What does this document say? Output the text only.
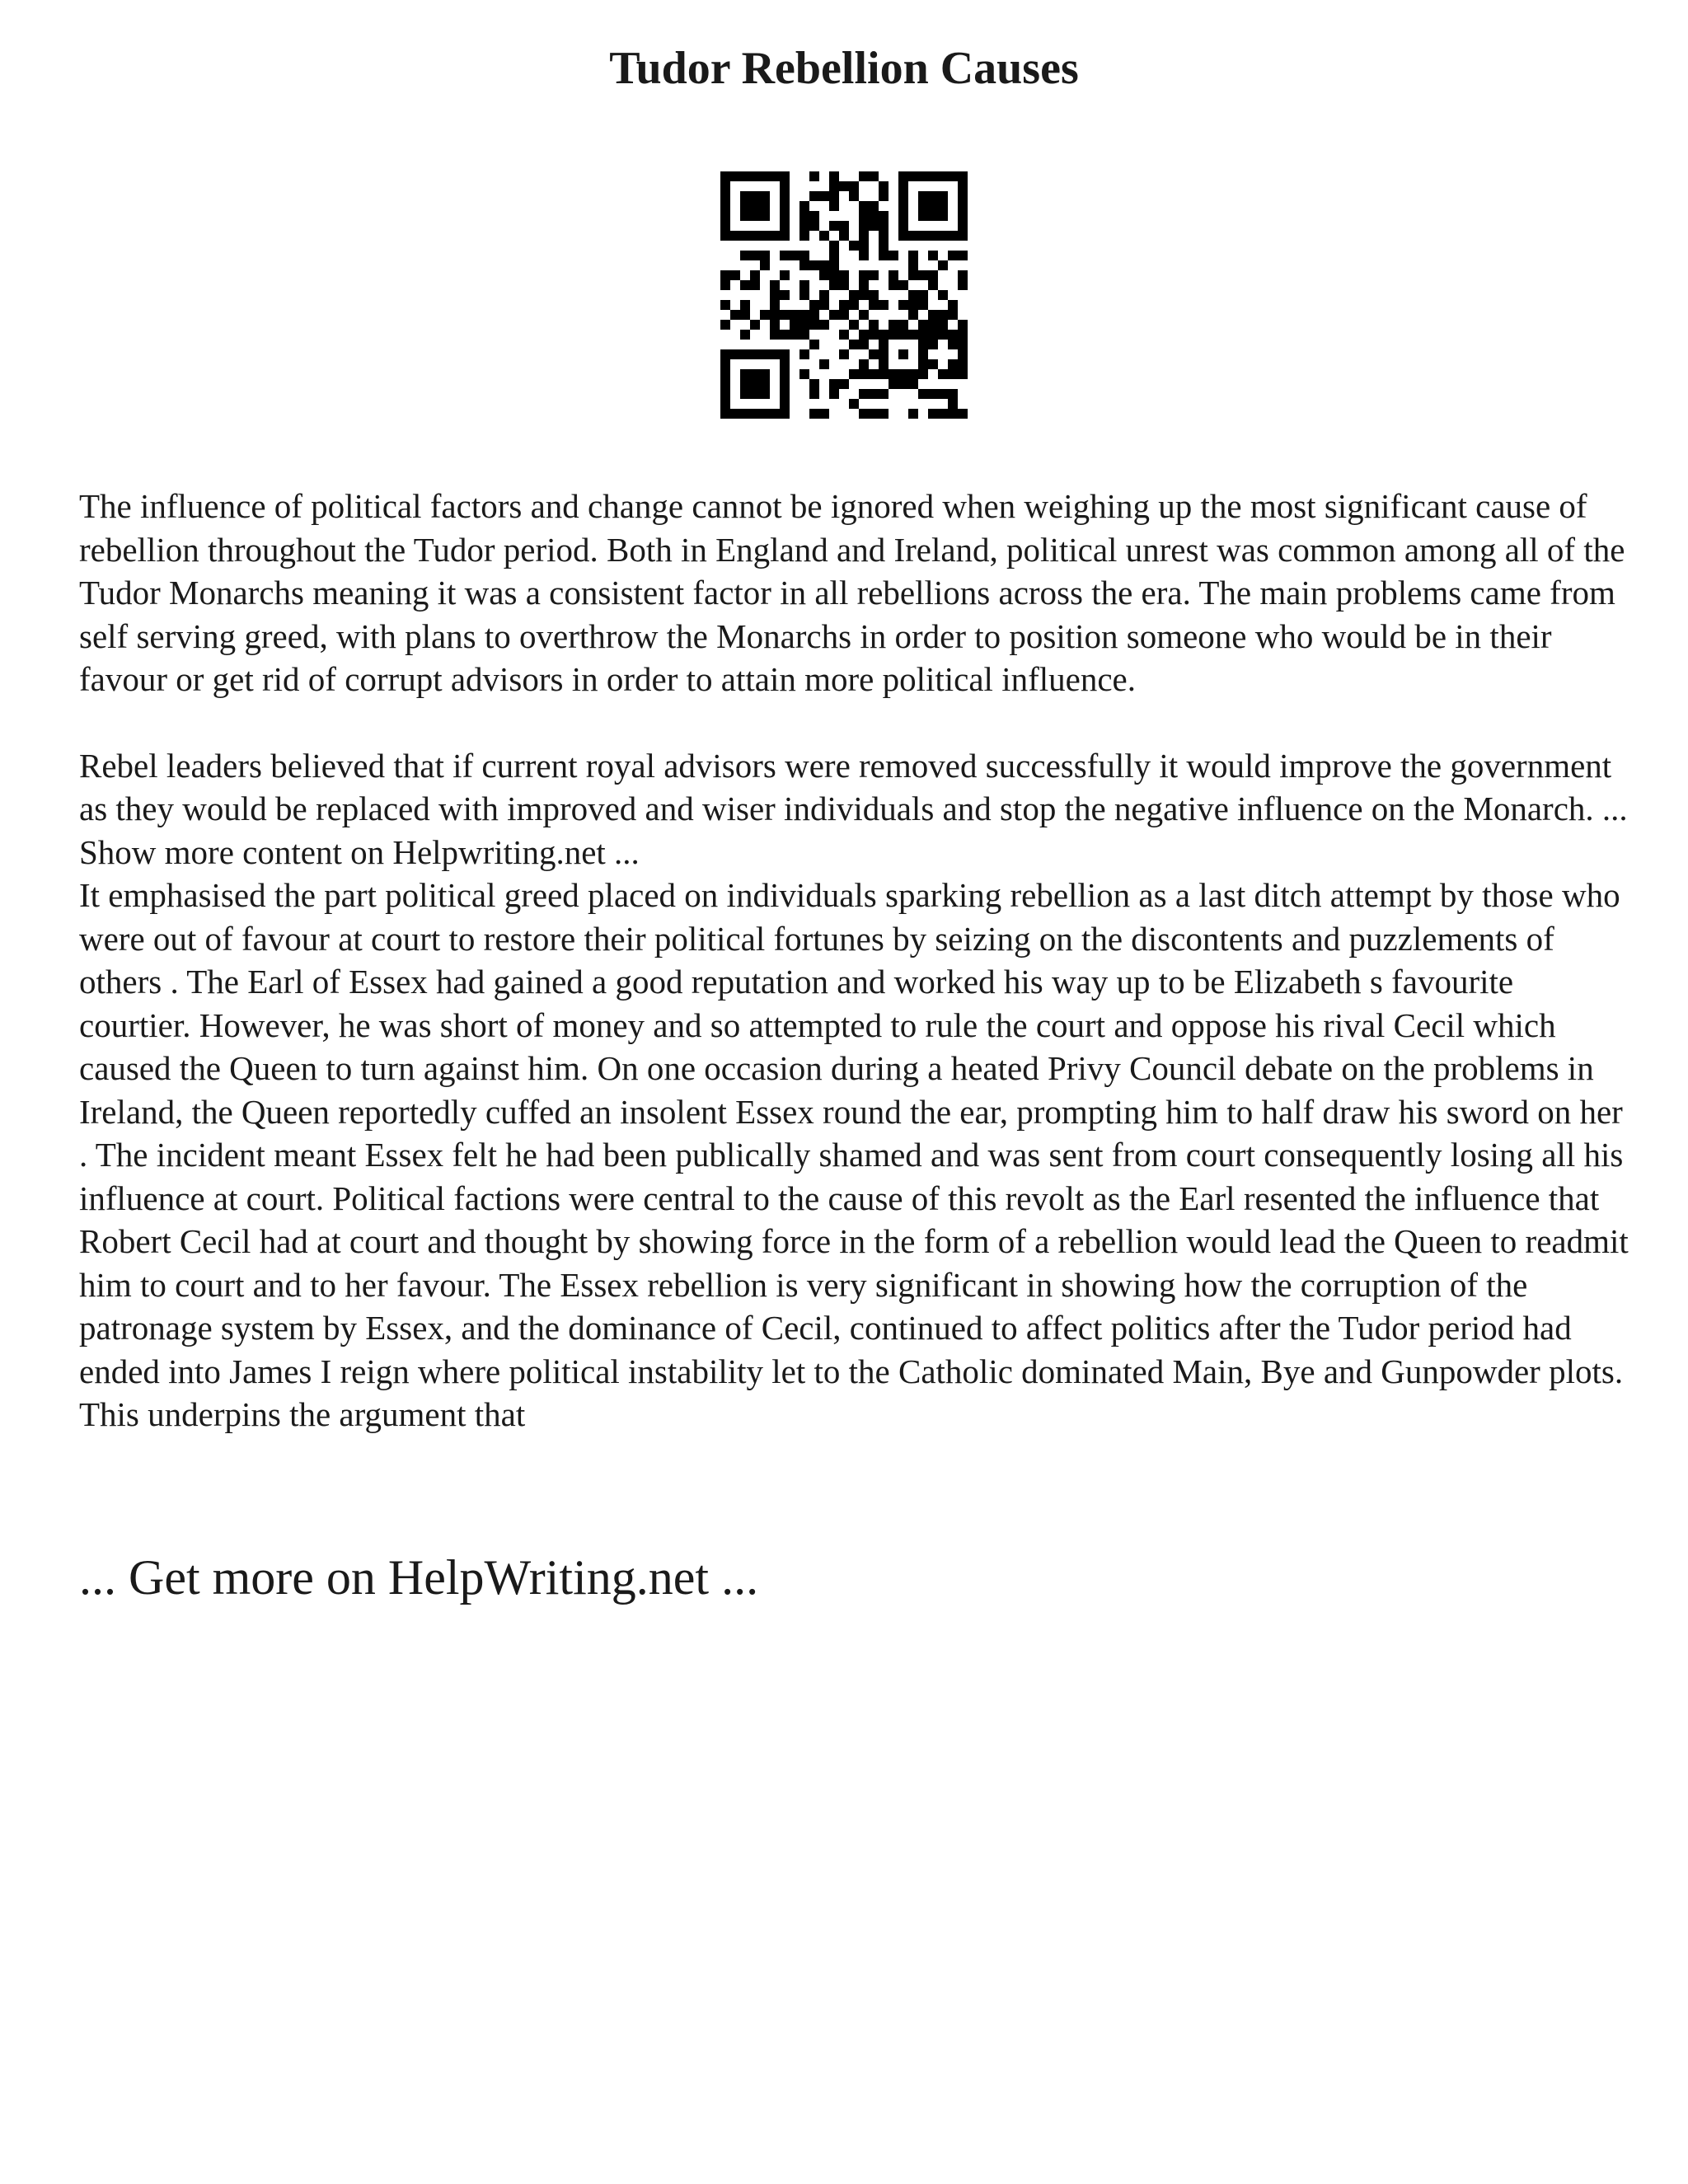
Tudor Rebellion Causes

The influence of political factors and change cannot be ignored when weighing up the most significant cause of rebellion throughout the Tudor period. Both in England and Ireland, political unrest was common among all of the Tudor Monarchs meaning it was a consistent factor in all rebellions across the era. The main problems came from self serving greed, with plans to overthrow the Monarchs in order to position someone who would be in their favour or get rid of corrupt advisors in order to attain more political influence.

Rebel leaders believed that if current royal advisors were removed successfully it would improve the government as they would be replaced with improved and wiser individuals and stop the negative influence on the Monarch. ... Show more content on Helpwriting.net ...

It emphasised the part political greed placed on individuals sparking rebellion as a last ditch attempt by those who were out of favour at court to restore their political fortunes by seizing on the discontents and puzzlements of others . The Earl of Essex had gained a good reputation and worked his way up to be Elizabeth s favourite courtier. However, he was short of money and so attempted to rule the court and oppose his rival Cecil which caused the Queen to turn against him. On one occasion during a heated Privy Council debate on the problems in Ireland, the Queen reportedly cuffed an insolent Essex round the ear, prompting him to half draw his sword on her . The incident meant Essex felt he had been publically shamed and was sent from court consequently losing all his influence at court. Political factions were central to the cause of this revolt as the Earl resented the influence that Robert Cecil had at court and thought by showing force in the form of a rebellion would lead the Queen to readmit him to court and to her favour. The Essex rebellion is very significant in showing how the corruption of the patronage system by Essex, and the dominance of Cecil, continued to affect politics after the Tudor period had ended into James I reign where political instability let to the Catholic dominated Main, Bye and Gunpowder plots. This underpins the argument that

... Get more on HelpWriting.net ...
